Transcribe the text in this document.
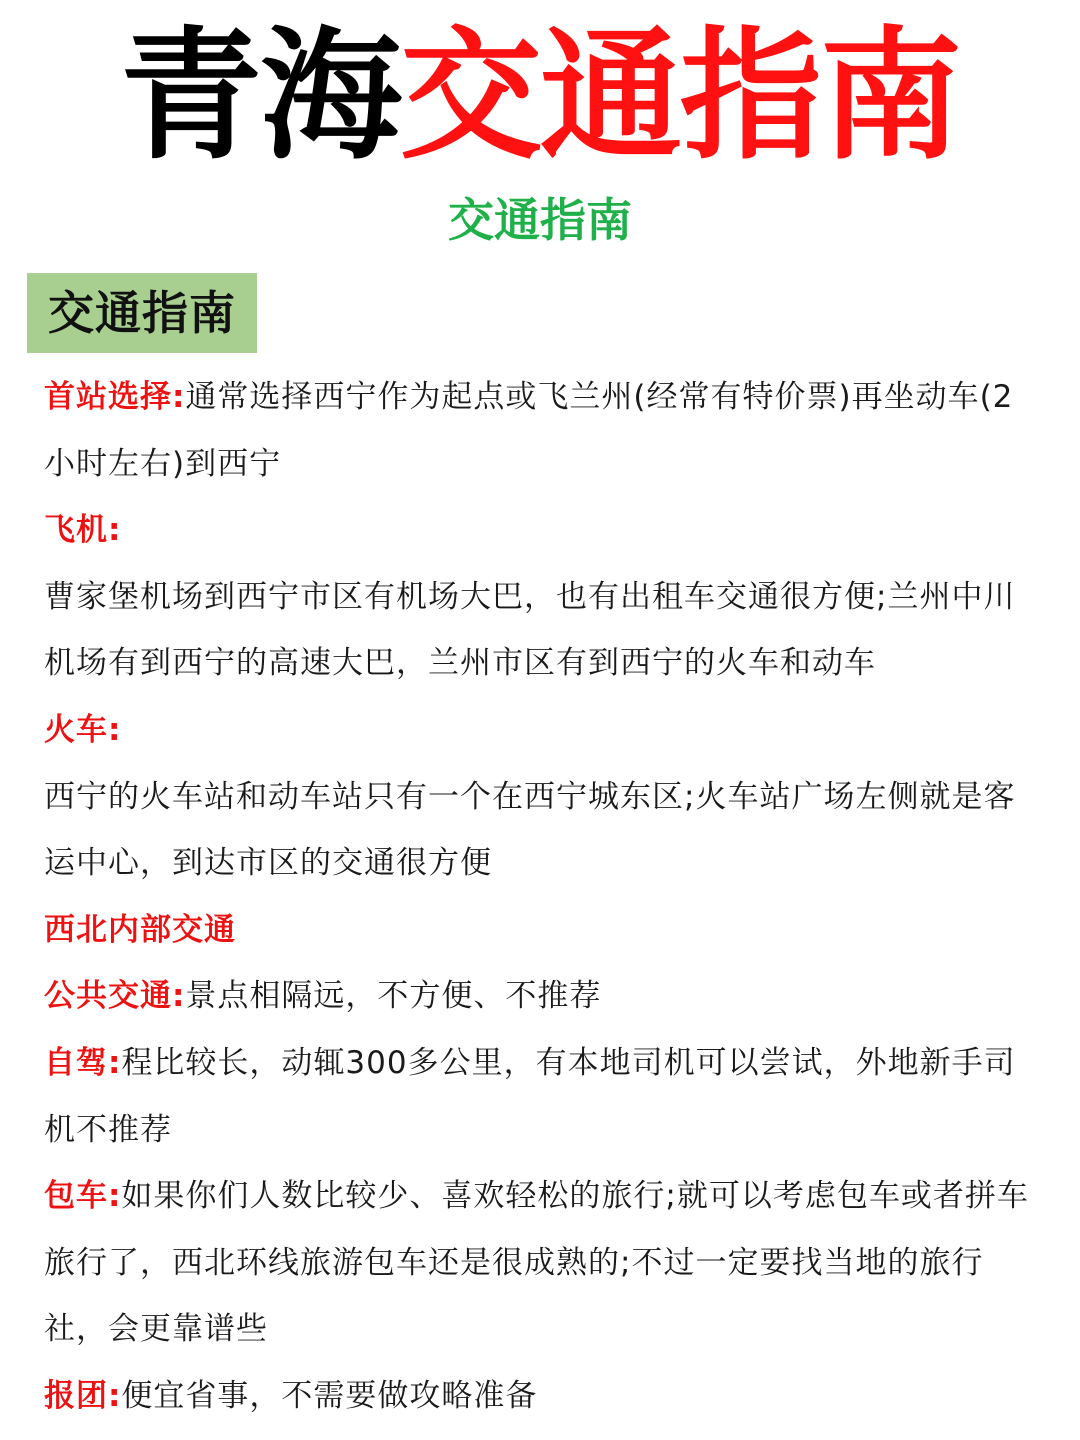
青海交通指南
交通指南
交通指南

首站选择:通常选择西宁作为起点或飞兰州(经常有特价票)再坐动车(2小时左右)到西宁

飞机:

曹家堡机场到西宁市区有机场大巴，也有出租车交通很方便;兰州中川机场有到西宁的高速大巴，兰州市区有到西宁的火车和动车

火车:

西宁的火车站和动车站只有一个在西宁城东区;火车站广场左侧就是客运中心，到达市区的交通很方便

西北内部交通

公共交通:景点相隔远，不方便、不推荐

自驾:程比较长，动辄300多公里，有本地司机可以尝试，外地新手司机不推荐

包车:如果你们人数比较少、喜欢轻松的旅行;就可以考虑包车或者拼车旅行了，西北环线旅游包车还是很成熟的;不过一定要找当地的旅行社，会更靠谱些

报团:便宜省事，不需要做攻略准备
